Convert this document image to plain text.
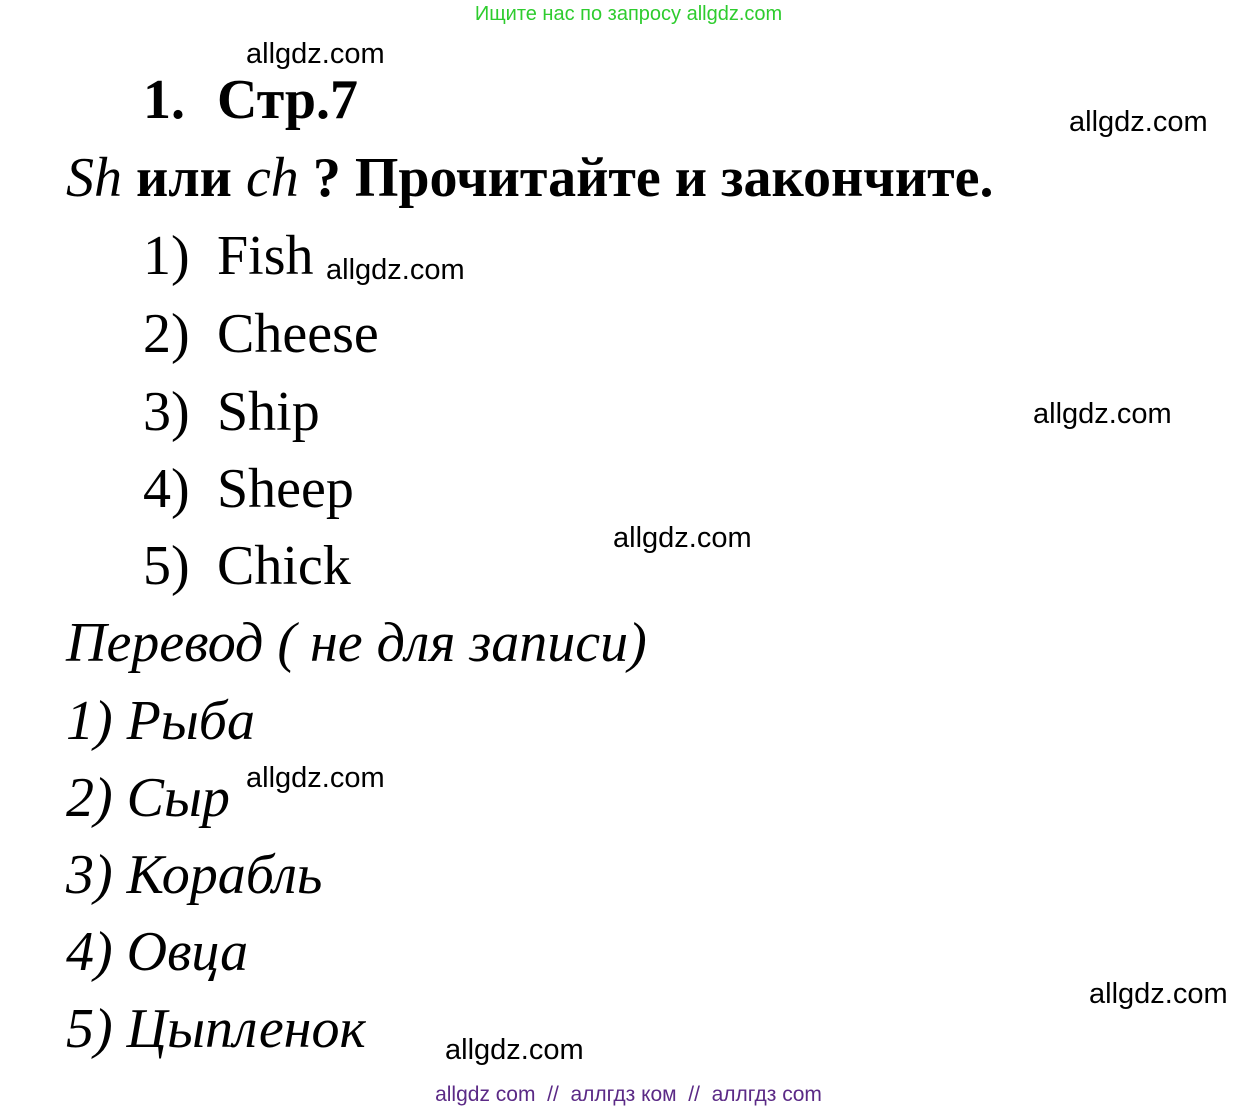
Ищите нас по запросу allgdz.com
allgdz.com
allgdz.com
allgdz.com
allgdz.com
allgdz.com
allgdz.com
allgdz.com
allgdz.com
1. Стр.7
Sh или ch ? Прочитайте и закончите.
1) Fish
2) Cheese
3) Ship
4) Sheep
5) Chick
Перевод ( не для записи)
1) Рыба
2) Сыр
3) Корабль
4) Овца
5) Цыпленок
allgdz com  //  аллгдз ком  //  аллгдз com
